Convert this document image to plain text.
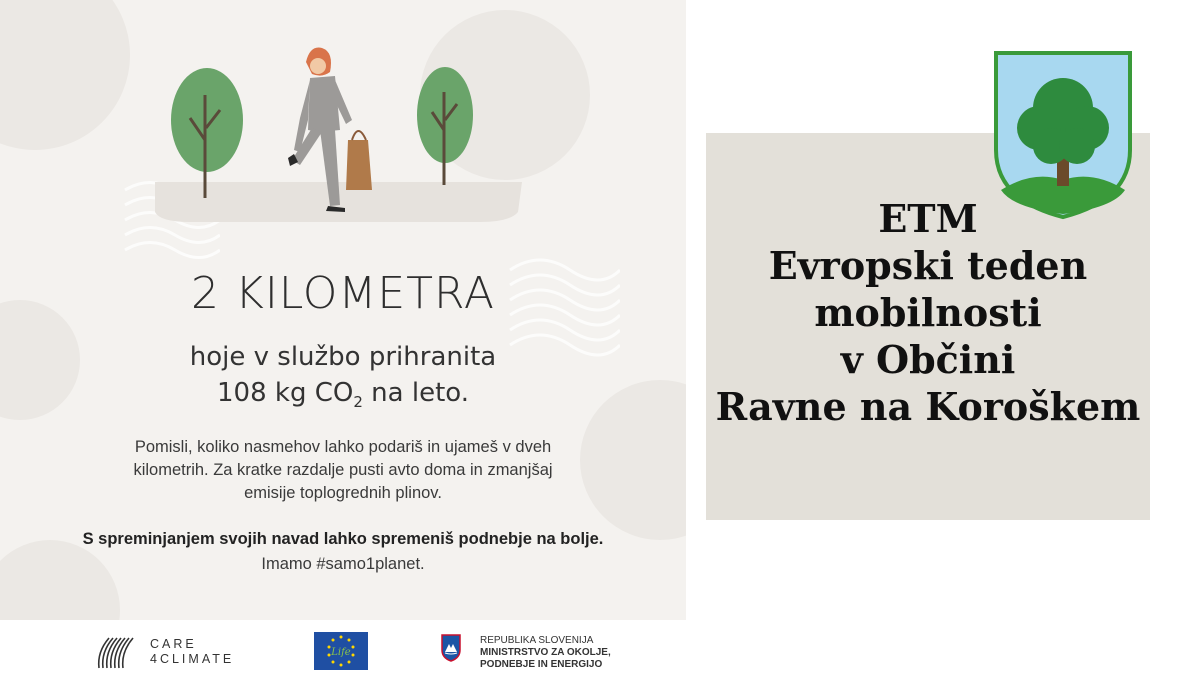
2 KILOMETRA
hoje v službo prihranita
108 kg $CO_2$ na leto.
Pomisli, koliko nasmehov lahko podariš in ujameš v dveh
kilometrih. Za kratke razdalje pusti avto doma in zmanjšaj
emisije toplogrednih plinov.
S spreminjanjem svojih navad lahko spremeniš podnebje na bolje.
Imamo #samo1planet.
CARE
4CLIMATE	Life
REPUBLIKA SLOVENIJA
MINISTRSTVO ZA OKOLJE,
PODNEBJE IN ENERGIJO
ETM
Evropski teden
mobilnosti
v Občini
Ravne na Koroškem
